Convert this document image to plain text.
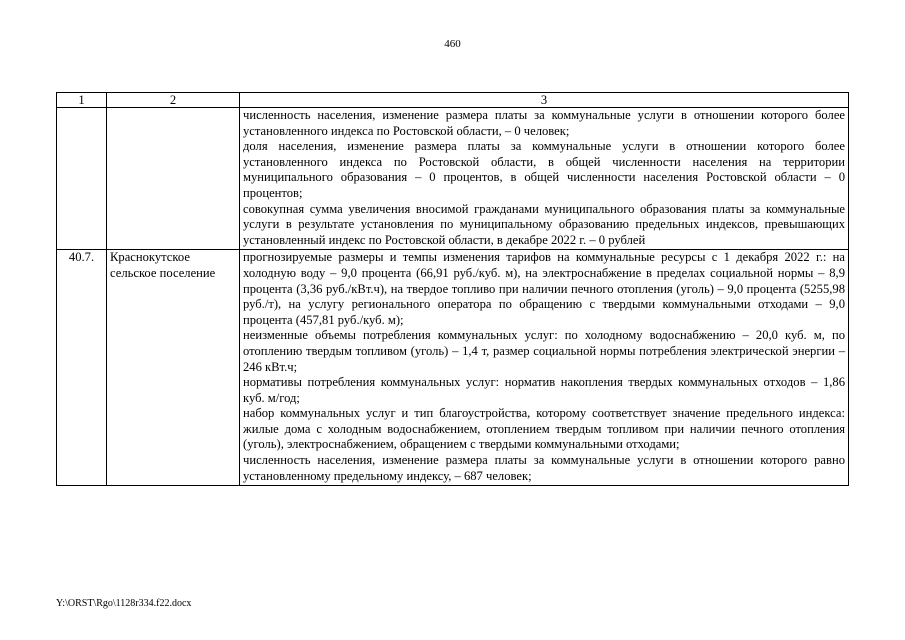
460
1	2	3

		численность населения, изменение размера платы за коммунальные услуги в отношении которого более установленного индекса по Ростовской области, – 0 человек;
доля населения, изменение размера платы за коммунальные услуги в отношении которого более установленного индекса по Ростовской области, в общей численности населения на территории муниципального образования – 0 процентов, в общей численности населения Ростовской области – 0 процентов;
совокупная сумма увеличения вносимой гражданами муниципального образования платы за коммунальные услуги в результате установления по муниципальному образованию предельных индексов, превышающих установленный индекс по Ростовской области, в декабре 2022 г. – 0 рублей

40.7.	Краснокутское сельское поселение	прогнозируемые размеры и темпы изменения тарифов на коммунальные ресурсы с 1 декабря 2022 г.: на холодную воду – 9,0 процента (66,91 руб./куб. м), на электроснабжение в пределах социальной нормы – 8,9 процента (3,36 руб./кВт.ч), на твердое топливо при наличии печного отопления (уголь) – 9,0 процента (5255,98 руб./т), на услугу регионального оператора по обращению с твердыми коммунальными отходами – 9,0 процента (457,81 руб./куб. м);
неизменные объемы потребления коммунальных услуг: по холодному водоснабжению – 20,0 куб. м, по отоплению твердым топливом (уголь) – 1,4 т, размер социальной нормы потребления электрической энергии – 246 кВт.ч;
нормативы потребления коммунальных услуг: норматив накопления твердых коммунальных отходов – 1,86 куб. м/год;
набор коммунальных услуг и тип благоустройства, которому соответствует значение предельного индекса: жилые дома с холодным водоснабжением, отоплением твердым топливом при наличии печного отопления (уголь), электроснабжением, обращением с твердыми коммунальными отходами;
численность населения, изменение размера платы за коммунальные услуги в отношении которого равно установленному предельному индексу, – 687 человек;
Y:\ORST\Rgo\1128r334.f22.docx
